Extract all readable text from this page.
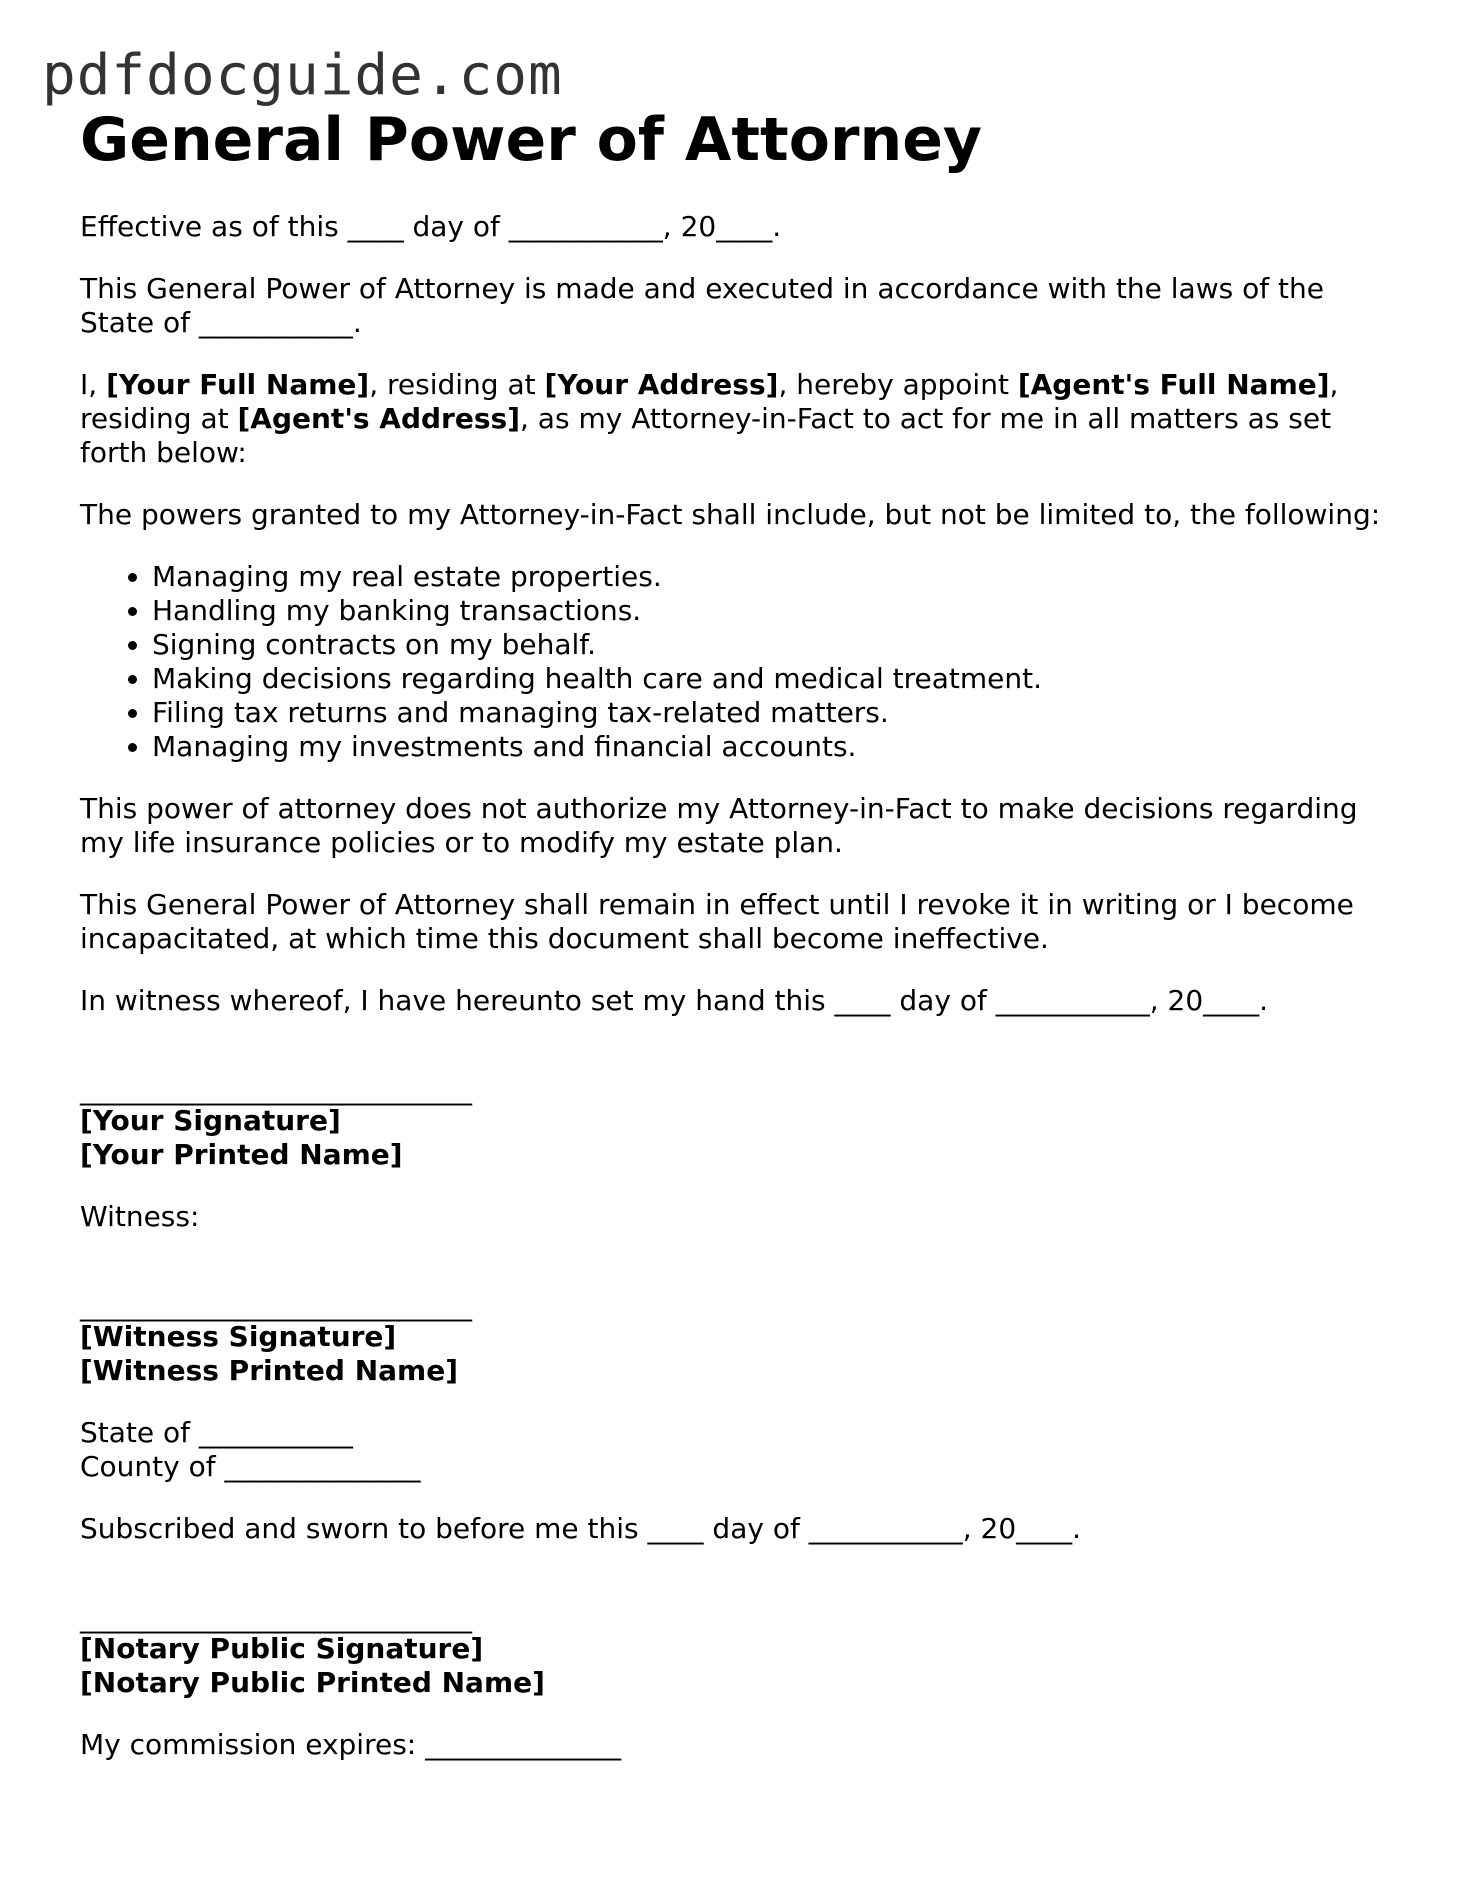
pdfdocguide.com
General Power of Attorney

Effective as of this ____ day of ___________, 20____.

This General Power of Attorney is made and executed in accordance with the laws of the State of ___________.

I, [Your Full Name], residing at [Your Address], hereby appoint [Agent's Full Name], residing at [Agent's Address], as my Attorney-in-Fact to act for me in all matters as set forth below:

The powers granted to my Attorney-in-Fact shall include, but not be limited to, the following:

• Managing my real estate properties.
• Handling my banking transactions.
• Signing contracts on my behalf.
• Making decisions regarding health care and medical treatment.
• Filing tax returns and managing tax-related matters.
• Managing my investments and financial accounts.

This power of attorney does not authorize my Attorney-in-Fact to make decisions regarding my life insurance policies or to modify my estate plan.

This General Power of Attorney shall remain in effect until I revoke it in writing or I become incapacitated, at which time this document shall become ineffective.

In witness whereof, I have hereunto set my hand this ____ day of ___________, 20____.

____________________________
[Your Signature]
[Your Printed Name]

Witness:

____________________________
[Witness Signature]
[Witness Printed Name]
State of ___________
County of ______________

Subscribed and sworn to before me this ____ day of ___________, 20____.

____________________________
[Notary Public Signature]
[Notary Public Printed Name]

My commission expires: ______________
